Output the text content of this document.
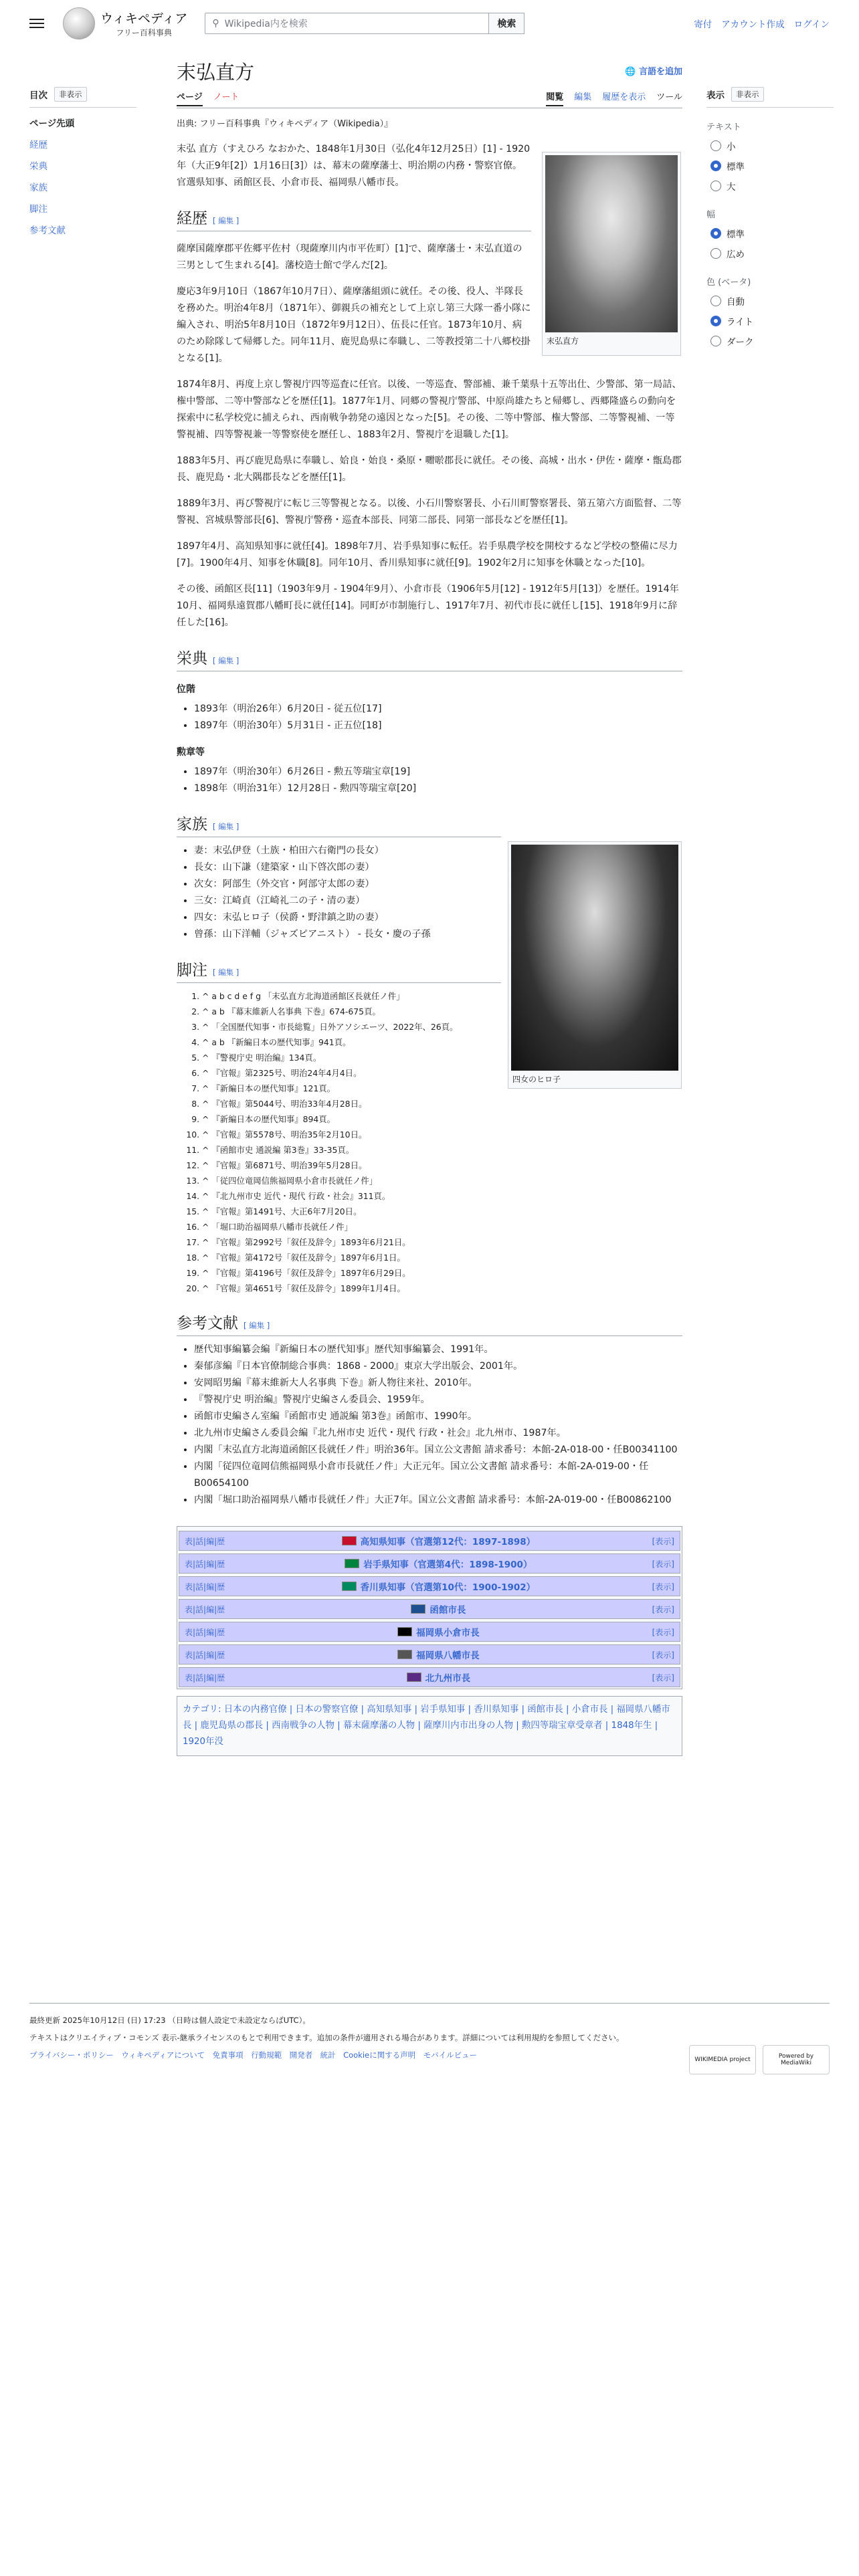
ウィキペディア
フリー百科事典
⚲ Wikipedia内を検索	検索	寄付 アカウント作成 ログイン
目次	非表示
ページ先頭
経歴
栄典
家族
脚注
参考文献
表示	非表示
テキスト
小
標準
大
幅
標準
広め
色 (ベータ)
自動
ライト
ダーク
末弘直方	🌐 言語を追加
ページ ノート	閲覧 編集 履歴を表示 ツール
出典: フリー百科事典『ウィキペディア（Wikipedia）』
末弘直方

末弘 直方（すえひろ なおかた、1848年1月30日（弘化4年12月25日）[1] - 1920年（大正9年[2]）1月16日[3]）は、幕末の薩摩藩士、明治期の内務・警察官僚。官選県知事、函館区長、小倉市長、福岡県八幡市長。

経歴 [ 編集 ]

薩摩国薩摩郡平佐郷平佐村（現薩摩川内市平佐町）[1]で、薩摩藩士・末弘直道の三男として生まれる[4]。藩校造士館で学んだ[2]。

慶応3年9月10日（1867年10月7日）、薩摩藩組頭に就任。その後、役人、半隊長を務めた。明治4年8月（1871年）、御親兵の補充として上京し第三大隊一番小隊に編入され、明治5年8月10日（1872年9月12日）、伍長に任官。1873年10月、病のため除隊して帰郷した。同年11月、鹿児島県に奉職し、二等教授第二十八郷校掛となる[1]。

1874年8月、再度上京し警視庁四等巡査に任官。以後、一等巡査、警部補、兼千葉県十五等出仕、少警部、第一局詰、権中警部、二等中警部などを歴任[1]。1877年1月、同郷の警視庁警部、中原尚雄たちと帰郷し、西郷隆盛らの動向を探索中に私学校党に捕えられ、西南戦争勃発の遠因となった[5]。その後、二等中警部、権大警部、二等警視補、一等警視補、四等警視兼一等警察使を歴任し、1883年2月、警視庁を退職した[1]。

1883年5月、再び鹿児島県に奉職し、姶良・始良・桑原・囎唹郡長に就任。その後、高城・出水・伊佐・薩摩・甑島郡長、鹿児島・北大隅郡長などを歴任[1]。

1889年3月、再び警視庁に転じ三等警視となる。以後、小石川警察署長、小石川町警察署長、第五第六方面監督、二等警視、宮城県警部長[6]、警視庁警務・巡査本部長、同第二部長、同第一部長などを歴任[1]。

1897年4月、高知県知事に就任[4]。1898年7月、岩手県知事に転任。岩手県農学校を開校するなど学校の整備に尽力[7]。1900年4月、知事を休職[8]。同年10月、香川県知事に就任[9]。1902年2月に知事を休職となった[10]。

その後、函館区長[11]（1903年9月 - 1904年9月）、小倉市長（1906年5月[12] - 1912年5月[13]）を歴任。1914年10月、福岡県遠賀郡八幡町長に就任[14]。同町が市制施行し、1917年7月、初代市長に就任し[15]、1918年9月に辞任した[16]。

栄典 [ 編集 ]
位階
• 1893年（明治26年）6月20日 - 従五位[17]
• 1897年（明治30年）5月31日 - 正五位[18]
勲章等
• 1897年（明治30年）6月26日 - 勲五等瑞宝章[19]
• 1898年（明治31年）12月28日 - 勲四等瑞宝章[20]
四女のヒロ子
家族 [ 編集 ]
• 妻：末弘伊登（土族・柏田六右衛門の長女）
• 長女：山下謙（建築家・山下啓次郎の妻）
• 次女：阿部生（外交官・阿部守太郎の妻）
• 三女：江崎貞（江崎礼二の子・清の妻）
• 四女：末弘ヒロ子（侯爵・野津鎮之助の妻）
• 曾孫：山下洋輔（ジャズピアニスト） - 長女・慶の子孫
脚注 [ 編集 ]
1. ^ a b c d e f g 「末弘直方北海道函館区長就任ノ件」
2. ^ a b 『幕末維新人名事典 下巻』674-675頁。
3. ^ 「全国歴代知事・市長総覧」日外アソシエーツ、2022年、26頁。
4. ^ a b 『新編日本の歴代知事』941頁。
5. ^ 『警視庁史 明治編』134頁。
6. ^ 『官報』第2325号、明治24年4月4日。
7. ^ 『新編日本の歴代知事』121頁。
8. ^ 『官報』第5044号、明治33年4月28日。
9. ^ 『新編日本の歴代知事』894頁。
10. ^ 『官報』第5578号、明治35年2月10日。
11. ^ 『函館市史 通説編 第3巻』33-35頁。
12. ^ 『官報』第6871号、明治39年5月28日。
13. ^ 「従四位竜岡信熊福岡県小倉市長就任ノ件」
14. ^ 『北九州市史 近代・現代 行政・社会』311頁。
15. ^ 『官報』第1491号、大正6年7月20日。
16. ^ 「堀口助治福岡県八幡市長就任ノ件」
17. ^ 『官報』第2992号「叙任及辞令」1893年6月21日。
18. ^ 『官報』第4172号「叙任及辞令」1897年6月1日。
19. ^ 『官報』第4196号「叙任及辞令」1897年6月29日。
20. ^ 『官報』第4651号「叙任及辞令」1899年1月4日。
参考文献 [ 編集 ]
• 歴代知事編纂会編『新編日本の歴代知事』歴代知事編纂会、1991年。
• 秦郁彦編『日本官僚制総合事典：1868 - 2000』東京大学出版会、2001年。
• 安岡昭男編『幕末維新大人名事典 下巻』新人物往来社、2010年。
• 『警視庁史 明治編』警視庁史編さん委員会、1959年。
• 函館市史編さん室編『函館市史 通説編 第3巻』函館市、1990年。
• 北九州市史編さん委員会編『北九州市史 近代・現代 行政・社会』北九州市、1987年。
• 内閣「末弘直方北海道函館区長就任ノ件」明治36年。国立公文書館 請求番号：本館-2A-018-00・任B00341100
• 内閣「従四位竜岡信熊福岡県小倉市長就任ノ件」大正元年。国立公文書館 請求番号：本館-2A-019-00・任B00654100
• 内閣「堀口助治福岡県八幡市長就任ノ件」大正7年。国立公文書館 請求番号：本館-2A-019-00・任B00862100
表|話|編|歴	高知県知事（官選第12代：1897-1898）	[表示]
表|話|編|歴	岩手県知事（官選第4代：1898-1900）	[表示]
表|話|編|歴	香川県知事（官選第10代：1900-1902）	[表示]
表|話|編|歴	函館市長	[表示]
表|話|編|歴	福岡県小倉市長	[表示]
表|話|編|歴	福岡県八幡市長	[表示]
表|話|編|歴	北九州市長	[表示]
カテゴリ: 日本の内務官僚 | 日本の警察官僚 | 高知県知事 | 岩手県知事 | 香川県知事 | 函館市長 | 小倉市長 | 福岡県八幡市長 | 鹿児島県の郡長 | 西南戦争の人物 | 幕末薩摩藩の人物 | 薩摩川内市出身の人物 | 勲四等瑞宝章受章者 | 1848年生 | 1920年没
最終更新 2025年10月12日 (日) 17:23 （日時は個人設定で未設定ならばUTC）。
テキストはクリエイティブ・コモンズ 表示-継承ライセンスのもとで利用できます。追加の条件が適用される場合があります。詳細については利用規約を参照してください。
プライバシー・ポリシー　ウィキペディアについて　免責事項　行動規範　開発者　統計　Cookieに関する声明　モバイルビュー	WIKIMEDIA project	Powered by MediaWiki
